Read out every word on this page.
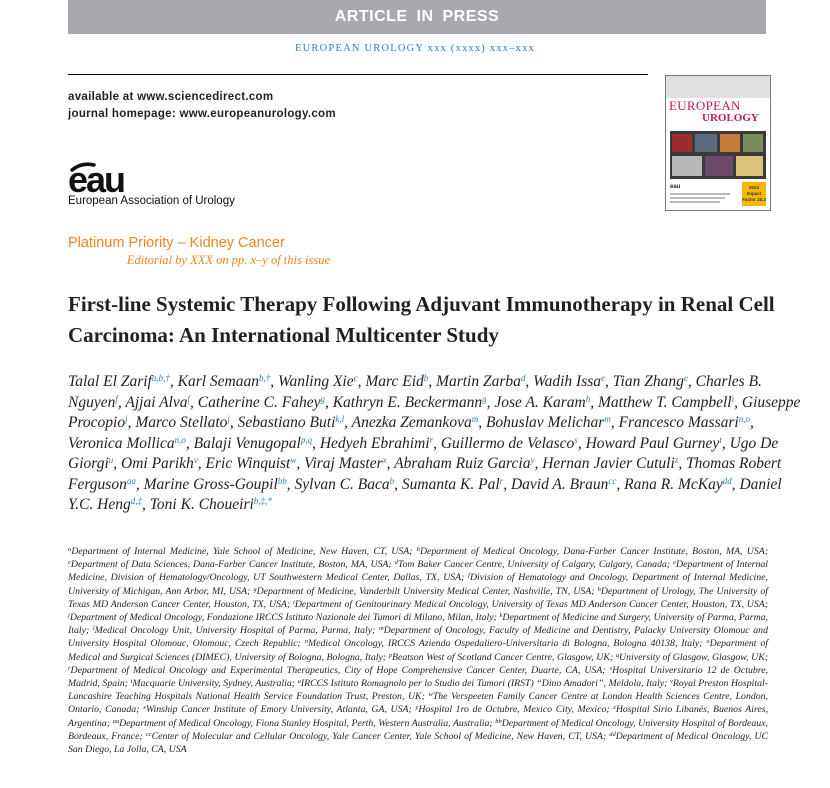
ARTICLE IN PRESS
EUROPEAN UROLOGY xxx (xxxx) xxx–xxx
available at www.sciencedirect.com
journal homepage: www.europeanurology.com
eau
European Association of Urology
EUROPEAN
UROLOGY
eau	2023 Impact Factor 25.3
Platinum Priority – Kidney Cancer
Editorial by XXX on pp. x–y of this issue
First-line Systemic Therapy Following Adjuvant Immunotherapy in Renal Cell Carcinoma: An International Multicenter Study
Talal El Zarif$^{a,b,\dagger}$, Karl Semaan$^{b,\dagger}$, Wanling Xie$^c$, Marc Eid$^b$, Martin Zarba$^d$, Wadih Issa$^e$, Tian Zhang$^e$, Charles B. Nguyen$^f$, Ajjai Alva$^f$, Catherine C. Fahey$^g$, Kathryn E. Beckermann$^g$, Jose A. Karam$^h$, Matthew T. Campbell$^i$, Giuseppe Procopio$^j$, Marco Stellato$^j$, Sebastiano Buti$^{k,l}$, Anezka Zemankova$^m$, Bohuslav Melichar$^m$, Francesco Massari$^{n,o}$, Veronica Mollica$^{n,o}$, Balaji Venugopal$^{p,q}$, Hedyeh Ebrahimi$^r$, Guillermo de Velasco$^s$, Howard Paul Gurney$^t$, Ugo De Giorgi$^u$, Omi Parikh$^v$, Eric Winquist$^w$, Viraj Master$^x$, Abraham Ruiz Garcia$^y$, Hernan Javier Cutuli$^z$, Thomas Robert Ferguson$^{aa}$, Marine Gross-Goupil$^{bb}$, Sylvan C. Baca$^b$, Sumanta K. Pal$^r$, David A. Braun$^{cc}$, Rana R. McKay$^{dd}$, Daniel Y.C. Heng$^{d,\ddagger}$, Toni K. Choueiri$^{b,\ddagger,*}$
$^a$Department of Internal Medicine, Yale School of Medicine, New Haven, CT, USA; $^b$Department of Medical Oncology, Dana-Farber Cancer Institute, Boston, MA, USA; $^c$Department of Data Sciences, Dana-Farber Cancer Institute, Boston, MA, USA; $^d$Tom Baker Cancer Centre, University of Calgary, Calgary, Canada; $^e$Department of Internal Medicine, Division of Hematology/Oncology, UT Southwestern Medical Center, Dallas, TX, USA; $^f$Division of Hematology and Oncology, Department of Internal Medicine, University of Michigan, Ann Arbor, MI, USA; $^g$Department of Medicine, Vanderbilt University Medical Center, Nashville, TN, USA; $^h$Department of Urology, The University of Texas MD Anderson Cancer Center, Houston, TX, USA; $^i$Department of Genitourinary Medical Oncology, University of Texas MD Anderson Cancer Center, Houston, TX, USA; $^j$Department of Medical Oncology, Fondazione IRCCS Istituto Nazionale dei Tumori di Milano, Milan, Italy; $^k$Department of Medicine and Surgery, University of Parma, Parma, Italy; $^l$Medical Oncology Unit, University Hospital of Parma, Parma, Italy; $^m$Department of Oncology, Faculty of Medicine and Dentistry, Palacky University Olomouc and University Hospital Olomouc, Olomouc, Czech Republic; $^n$Medical Oncology, IRCCS Azienda Ospedaliero-Universitaria di Bologna, Bologna 40138, Italy; $^o$Department of Medical and Surgical Sciences (DIMEC), University of Bologna, Bologna, Italy; $^p$Beatson West of Scotland Cancer Centre, Glasgow, UK; $^q$University of Glasgow, Glasgow, UK; $^r$Department of Medical Oncology and Experimental Therapeutics, City of Hope Comprehensive Cancer Center, Duarte, CA, USA; $^s$Hospital Universitario 12 de Octubre, Madrid, Spain; $^t$Macquarie University, Sydney, Australia; $^u$IRCCS Istituto Romagnolo per lo Studio dei Tumori (IRST) “Dino Amadori”, Meldola, Italy; $^v$Royal Preston Hospital-Lancashire Teaching Hospitals National Health Service Foundation Trust, Preston, UK; $^w$The Verspeeten Family Cancer Centre at London Health Sciences Centre, London, Ontario, Canada; $^x$Winship Cancer Institute of Emory University, Atlanta, GA, USA; $^y$Hospital 1ro de Octubre, Mexico City, Mexico; $^z$Hospital Sirio Libanés, Buenos Aires, Argentina; $^{aa}$Department of Medical Oncology, Fiona Stanley Hospital, Perth, Western Australia, Australia; $^{bb}$Department of Medical Oncology, University Hospital of Bordeaux, Bordeaux, France; $^{cc}$Center of Molecular and Cellular Oncology, Yale Cancer Center, Yale School of Medicine, New Haven, CT, USA; $^{dd}$Department of Medical Oncology, UC San Diego, La Jolla, CA, USA
